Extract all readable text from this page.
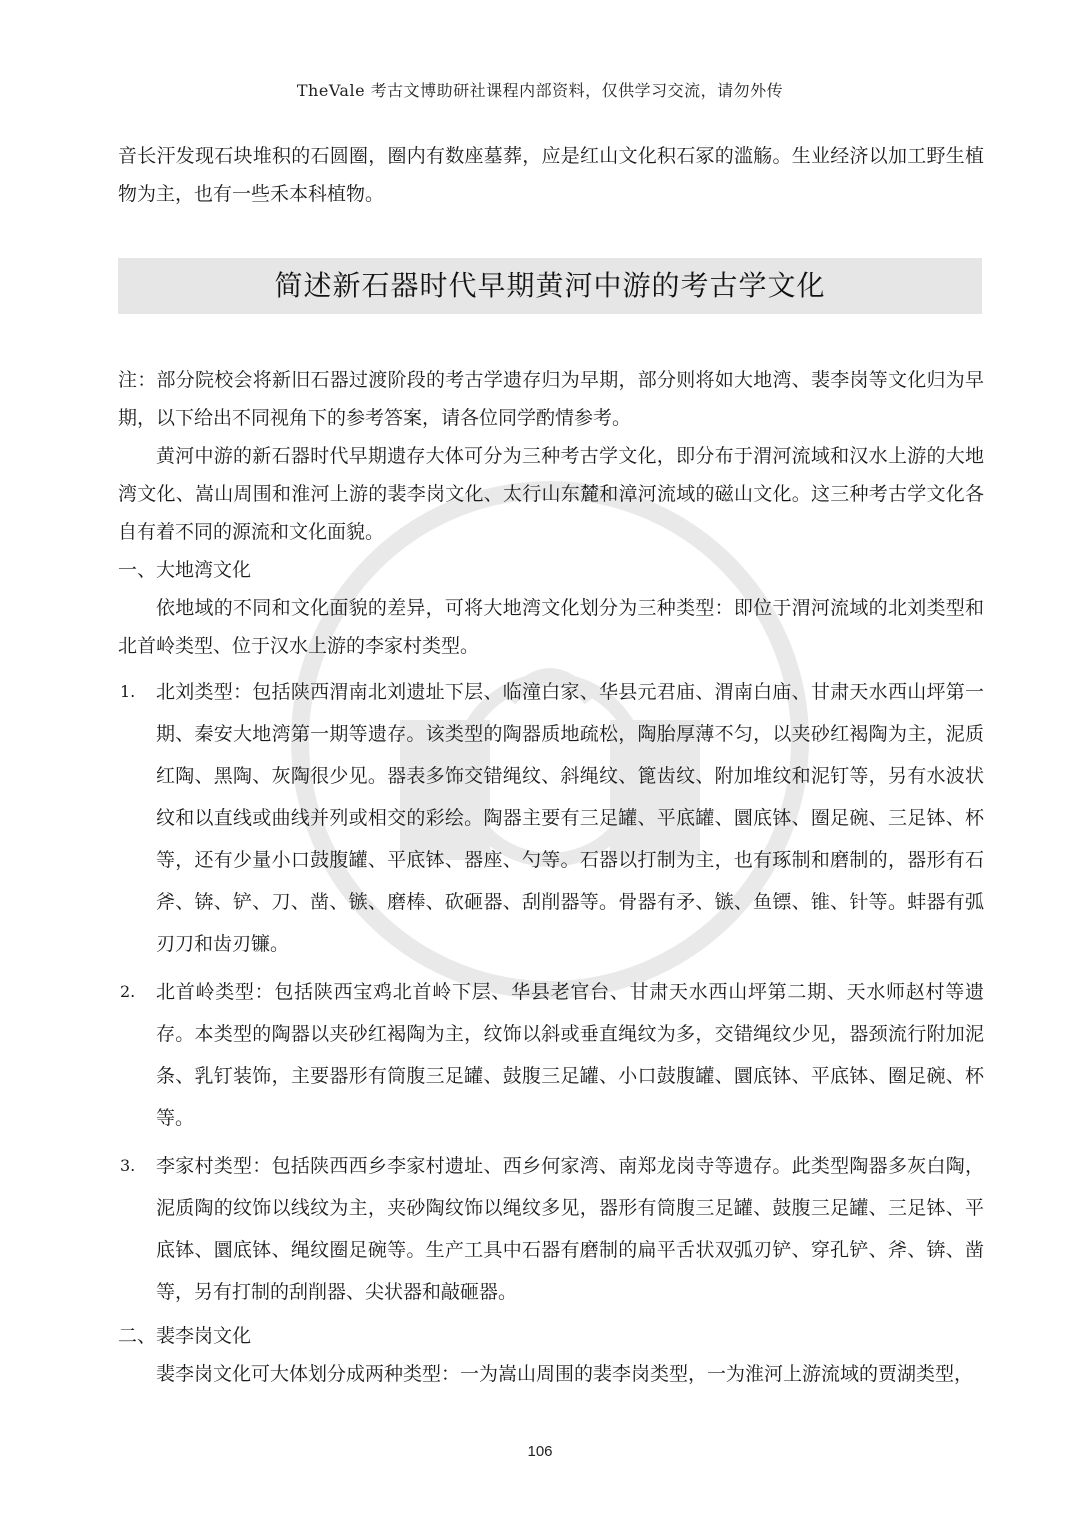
TheVale 考古文博助研社课程内部资料，仅供学习交流，请勿外传

音长汗发现石块堆积的石圆圈，圈内有数座墓葬，应是红山文化积石冢的滥觞。生业经济以加工野生植物为主，也有一些禾本科植物。

简述新石器时代早期黄河中游的考古学文化

注：部分院校会将新旧石器过渡阶段的考古学遗存归为早期，部分则将如大地湾、裴李岗等文化归为早期，以下给出不同视角下的参考答案，请各位同学酌情参考。

黄河中游的新石器时代早期遗存大体可分为三种考古学文化，即分布于渭河流域和汉水上游的大地湾文化、嵩山周围和淮河上游的裴李岗文化、太行山东麓和漳河流域的磁山文化。这三种考古学文化各自有着不同的源流和文化面貌。

一、大地湾文化

依地域的不同和文化面貌的差异，可将大地湾文化划分为三种类型：即位于渭河流域的北刘类型和北首岭类型、位于汉水上游的李家村类型。

1. 北刘类型：包括陕西渭南北刘遗址下层、临潼白家、华县元君庙、渭南白庙、甘肃天水西山坪第一期、秦安大地湾第一期等遗存。该类型的陶器质地疏松，陶胎厚薄不匀，以夹砂红褐陶为主，泥质红陶、黑陶、灰陶很少见。器表多饰交错绳纹、斜绳纹、篦齿纹、附加堆纹和泥钉等，另有水波状纹和以直线或曲线并列或相交的彩绘。陶器主要有三足罐、平底罐、圜底钵、圈足碗、三足钵、杯等，还有少量小口鼓腹罐、平底钵、器座、勺等。石器以打制为主，也有琢制和磨制的，器形有石斧、锛、铲、刀、凿、镞、磨棒、砍砸器、刮削器等。骨器有矛、镞、鱼镖、锥、针等。蚌器有弧刃刀和齿刃镰。
2. 北首岭类型：包括陕西宝鸡北首岭下层、华县老官台、甘肃天水西山坪第二期、天水师赵村等遗存。本类型的陶器以夹砂红褐陶为主，纹饰以斜或垂直绳纹为多，交错绳纹少见，器颈流行附加泥条、乳钉装饰，主要器形有筒腹三足罐、鼓腹三足罐、小口鼓腹罐、圜底钵、平底钵、圈足碗、杯等。
3. 李家村类型：包括陕西西乡李家村遗址、西乡何家湾、南郑龙岗寺等遗存。此类型陶器多灰白陶，泥质陶的纹饰以线纹为主，夹砂陶纹饰以绳纹多见，器形有筒腹三足罐、鼓腹三足罐、三足钵、平底钵、圜底钵、绳纹圈足碗等。生产工具中石器有磨制的扁平舌状双弧刃铲、穿孔铲、斧、锛、凿等，另有打制的刮削器、尖状器和敲砸器。

二、裴李岗文化

裴李岗文化可大体划分成两种类型：一为嵩山周围的裴李岗类型，一为淮河上游流域的贾湖类型，

106
